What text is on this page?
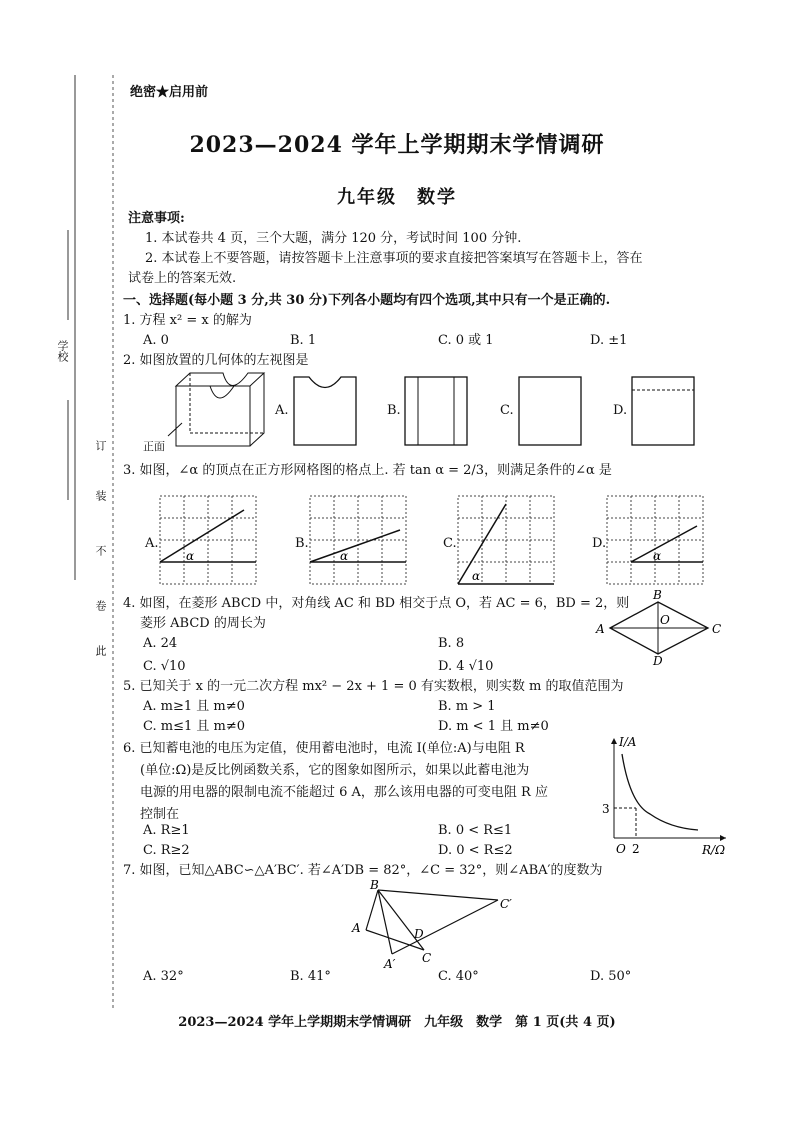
学校
订
装
不
卷
此
绝密★启用前
2023—2024 学年上学期期末学情调研
九年级　数学
注意事项:
1. 本试卷共 4 页，三个大题，满分 120 分，考试时间 100 分钟.
2. 本试卷上不要答题，请按答题卡上注意事项的要求直接把答案填写在答题卡上，答在
试卷上的答案无效.
一、选择题(每小题 3 分,共 30 分)下列各小题均有四个选项,其中只有一个是正确的.
1. 方程 x² = x 的解为
A. 0	B. 1	C. 0 或 1	D. ±1
2. 如图放置的几何体的左视图是
正面
A.	B.	C.	D.
3. 如图，∠α 的顶点在正方形网格图的格点上. 若 tan α = 2/3，则满足条件的∠α 是
A.
α
B.
α
C.
α
D.
α
4. 如图，在菱形 ABCD 中，对角线 AC 和 BD 相交于点 O，若 AC = 6，BD = 2，则
菱形 ABCD 的周长为
A. 24	B. 8
C. √10	D. 4 √10
A
B
C
D
O
5. 已知关于 x 的一元二次方程 mx² − 2x + 1 = 0 有实数根，则实数 m 的取值范围为
A. m≥1 且 m≠0	B. m > 1
C. m≤1 且 m≠0	D. m < 1 且 m≠0
6. 已知蓄电池的电压为定值，使用蓄电池时，电流 I(单位:A)与电阻 R
(单位:Ω)是反比例函数关系，它的图象如图所示，如果以此蓄电池为
电源的用电器的限制电流不能超过 6 A，那么该用电器的可变电阻 R 应
控制在
A. R≥1	B. 0 < R≤1
C. R≥2	D. 0 < R≤2
I/A
R/Ω
O 2
3
7. 如图，已知△ABC∽△A′BC′. 若∠A′DB = 82°，∠C = 32°，则∠ABA′的度数为
B
A
C′
D
A′ C
A. 32°	B. 41°	C. 40°	D. 50°
2023—2024 学年上学期期末学情调研　九年级　数学　第 1 页(共 4 页)
